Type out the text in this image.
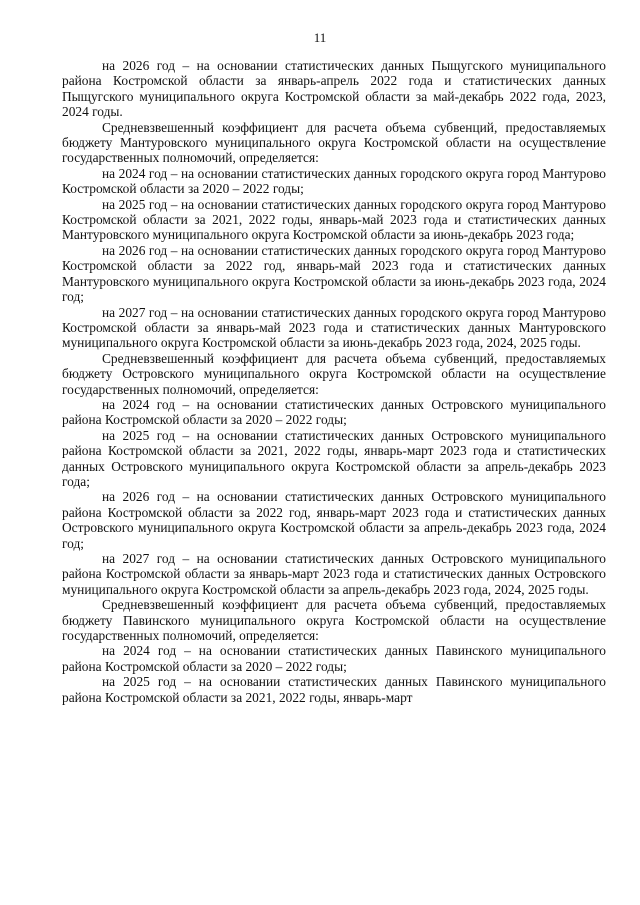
11

на 2026 год – на основании статистических данных Пыщугского муниципального района Костромской области за январь-апрель 2022 года и статистических данных Пыщугского муниципального округа Костромской области за май-декабрь 2022 года, 2023, 2024 годы.

Средневзвешенный коэффициент для расчета объема субвенций, предоставляемых бюджету Мантуровского муниципального округа Костромской области на осуществление государственных полномочий, определяется:

на 2024 год – на основании статистических данных городского округа город Мантурово Костромской области за 2020 – 2022 годы;

на 2025 год – на основании статистических данных городского округа город Мантурово Костромской области за 2021, 2022 годы, январь-май 2023 года и статистических данных Мантуровского муниципального округа Костромской области за июнь-декабрь 2023 года;

на 2026 год – на основании статистических данных городского округа город Мантурово Костромской области за 2022 год, январь-май 2023 года и статистических данных Мантуровского муниципального округа Костромской области за июнь-декабрь 2023 года, 2024 год;

на 2027 год – на основании статистических данных городского округа город Мантурово Костромской области за январь-май 2023 года и статистических данных Мантуровского муниципального округа Костромской области за июнь-декабрь 2023 года, 2024, 2025 годы.

Средневзвешенный коэффициент для расчета объема субвенций, предоставляемых бюджету Островского муниципального округа Костромской области на осуществление государственных полномочий, определяется:

на 2024 год – на основании статистических данных Островского муниципального района Костромской области за 2020 – 2022 годы;

на 2025 год – на основании статистических данных Островского муниципального района Костромской области за 2021, 2022 годы, январь-март 2023 года и статистических данных Островского муниципального округа Костромской области за апрель-декабрь 2023 года;

на 2026 год – на основании статистических данных Островского муниципального района Костромской области за 2022 год, январь-март 2023 года и статистических данных Островского муниципального округа Костромской области за апрель-декабрь 2023 года, 2024 год;

на 2027 год – на основании статистических данных Островского муниципального района Костромской области за январь-март 2023 года и статистических данных Островского муниципального округа Костромской области за апрель-декабрь 2023 года, 2024, 2025 годы.

Средневзвешенный коэффициент для расчета объема субвенций, предоставляемых бюджету Павинского муниципального округа Костромской области на осуществление государственных полномочий, определяется:

на 2024 год – на основании статистических данных Павинского муниципального района Костромской области за 2020 – 2022 годы;

на 2025 год – на основании статистических данных Павинского муниципального района Костромской области за 2021, 2022 годы, январь-март
